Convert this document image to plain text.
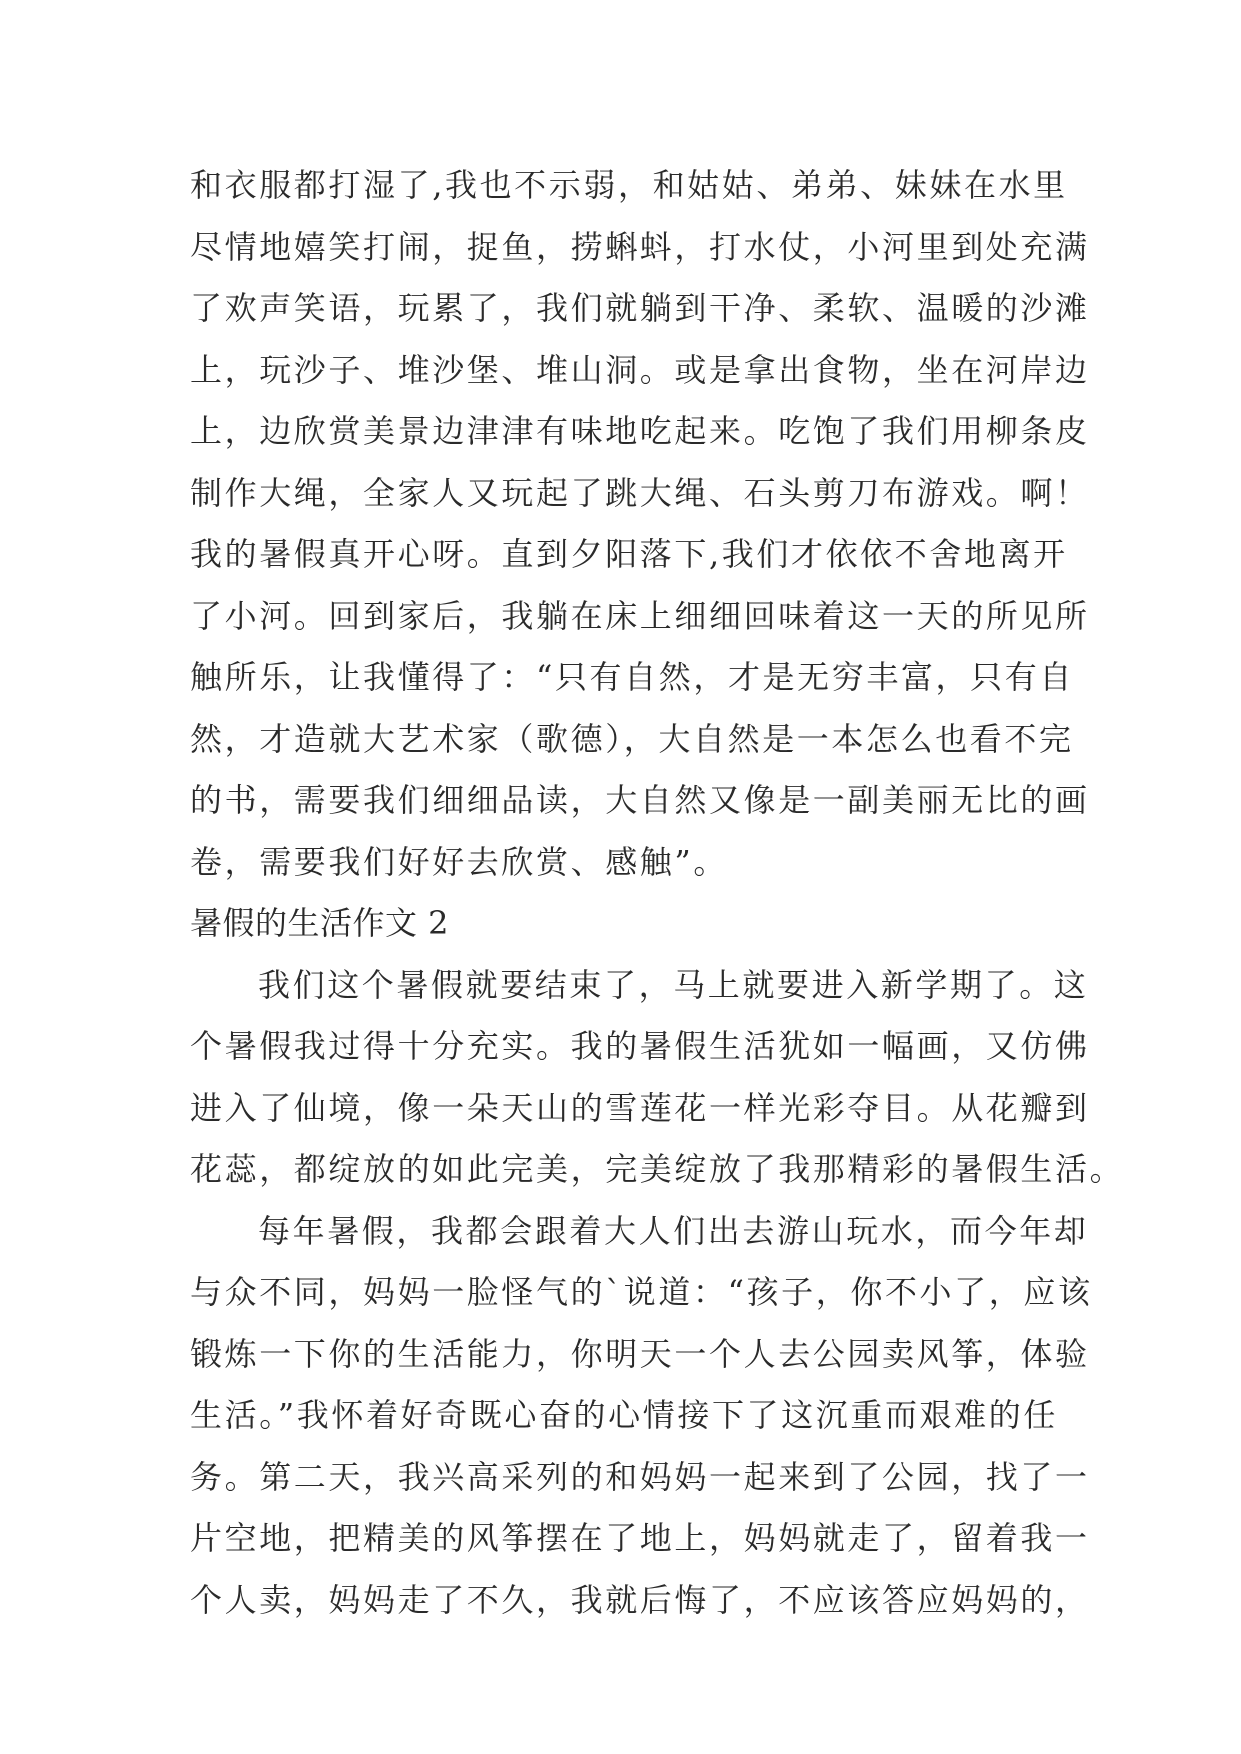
和衣服都打湿了,我也不示弱，和姑姑、弟弟、妹妹在水里
尽情地嬉笑打闹，捉鱼，捞蝌蚪，打水仗，小河里到处充满
了欢声笑语，玩累了，我们就躺到干净、柔软、温暖的沙滩
上，玩沙子、堆沙堡、堆山洞。或是拿出食物，坐在河岸边
上，边欣赏美景边津津有味地吃起来。吃饱了我们用柳条皮
制作大绳，全家人又玩起了跳大绳、石头剪刀布游戏。啊！
我的暑假真开心呀。直到夕阳落下,我们才依依不舍地离开
了小河。回到家后，我躺在床上细细回味着这一天的所见所
触所乐，让我懂得了：“只有自然，才是无穷丰富，只有自
然，才造就大艺术家（歌德），大自然是一本怎么也看不完
的书，需要我们细细品读，大自然又像是一副美丽无比的画
卷，需要我们好好去欣赏、感触”。
暑假的生活作文 2
我们这个暑假就要结束了，马上就要进入新学期了。这
个暑假我过得十分充实。我的暑假生活犹如一幅画，又仿佛
进入了仙境，像一朵天山的雪莲花一样光彩夺目。从花瓣到
花蕊，都绽放的如此完美，完美绽放了我那精彩的暑假生活。
每年暑假，我都会跟着大人们出去游山玩水，而今年却
与众不同，妈妈一脸怪气的`说道：“孩子，你不小了，应该
锻炼一下你的生活能力，你明天一个人去公园卖风筝，体验
生活。”我怀着好奇既心奋的心情接下了这沉重而艰难的任
务。第二天，我兴高采列的和妈妈一起来到了公园，找了一
片空地，把精美的风筝摆在了地上，妈妈就走了，留着我一
个人卖，妈妈走了不久，我就后悔了，不应该答应妈妈的，
